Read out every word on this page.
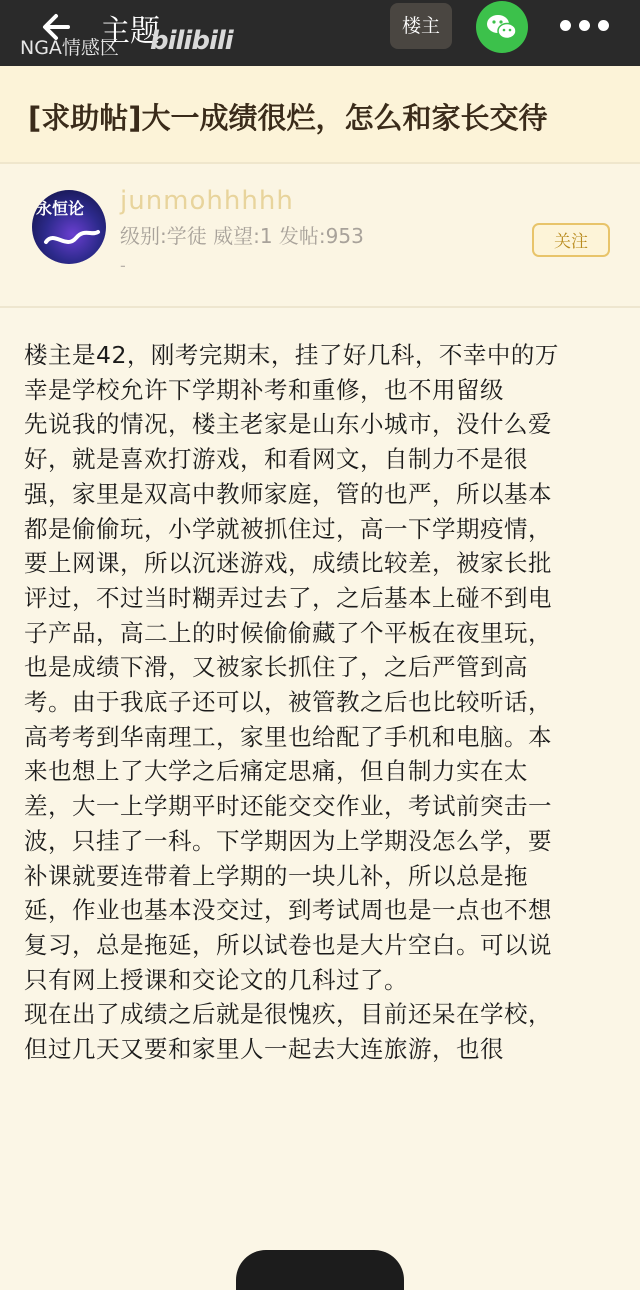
主题
NGA情感区 bilibili	楼主
[求助帖]大一成绩很烂，怎么和家长交待
永恒论 junmohhhhh
级别:学徒 威望:1 发帖:953
-
关注
楼主是42，刚考完期末，挂了好几科，不幸中的万
幸是学校允许下学期补考和重修，也不用留级
先说我的情况，楼主老家是山东小城市，没什么爱
好，就是喜欢打游戏，和看网文，自制力不是很
强，家里是双高中教师家庭，管的也严，所以基本
都是偷偷玩，小学就被抓住过，高一下学期疫情，
要上网课，所以沉迷游戏，成绩比较差，被家长批
评过，不过当时糊弄过去了，之后基本上碰不到电
子产品，高二上的时候偷偷藏了个平板在夜里玩，
也是成绩下滑，又被家长抓住了，之后严管到高
考。由于我底子还可以，被管教之后也比较听话，
高考考到华南理工，家里也给配了手机和电脑。本
来也想上了大学之后痛定思痛，但自制力实在太
差，大一上学期平时还能交交作业，考试前突击一
波，只挂了一科。下学期因为上学期没怎么学，要
补课就要连带着上学期的一块儿补，所以总是拖
延，作业也基本没交过，到考试周也是一点也不想
复习，总是拖延，所以试卷也是大片空白。可以说
只有网上授课和交论文的几科过了。
现在出了成绩之后就是很愧疚，目前还呆在学校，
但过几天又要和家里人一起去大连旅游，也很
